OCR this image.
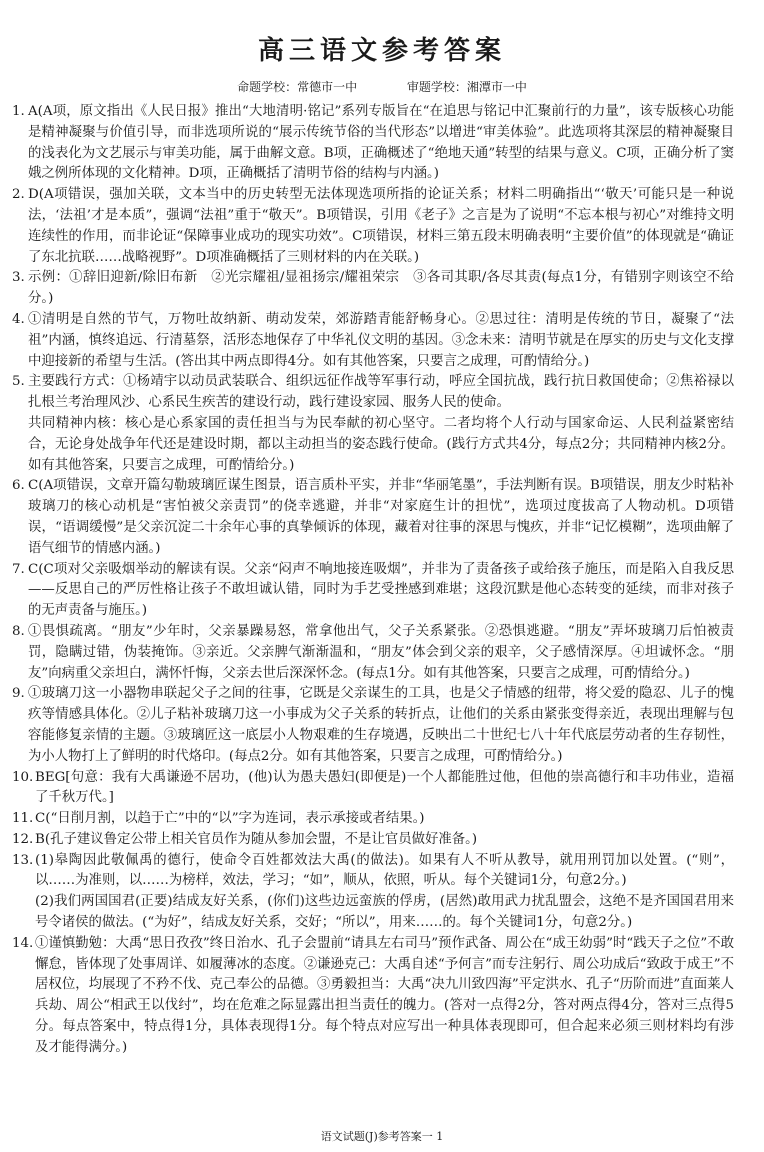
高三语文参考答案

命题学校：常德市一中	审题学校：湘潭市一中

1. A(A项，原文指出《人民日报》推出“大地清明·铭记”系列专版旨在“在追思与铭记中汇聚前行的力量”，该专版核心功能是精神凝聚与价值引导，而非选项所说的“展示传统节俗的当代形态”以增进“审美体验”。此选项将其深层的精神凝聚目的浅表化为文艺展示与审美功能，属于曲解文意。B项，正确概述了“绝地天通”转型的结果与意义。C项，正确分析了窦娥之例所体现的文化精神。D项，正确概括了清明节俗的结构与内涵。)
2. D(A项错误，强加关联，文本当中的历史转型无法体现选项所指的论证关系；材料二明确指出“‘敬天’可能只是一种说法，‘法祖’才是本质”，强调“法祖”重于“敬天”。B项错误，引用《老子》之言是为了说明“不忘本根与初心”对维持文明连续性的作用，而非论证“保障事业成功的现实功效”。C项错误，材料三第五段末明确表明“主要价值”的体现就是“确证了东北抗联……战略视野”。D项准确概括了三则材料的内在关联。)
3. 示例：①辞旧迎新/除旧布新　②光宗耀祖/显祖扬宗/耀祖荣宗　③各司其职/各尽其责(每点1分，有错别字则该空不给分。)
4. ①清明是自然的节气，万物吐故纳新、萌动发荣，郊游踏青能舒畅身心。②思过往：清明是传统的节日，凝聚了“法祖”内涵，慎终追远、行清墓祭，活形态地保存了中华礼仪文明的基因。③念未来：清明节就是在厚实的历史与文化支撑中迎接新的希望与生活。(答出其中两点即得4分。如有其他答案，只要言之成理，可酌情给分。)
5. 主要践行方式：①杨靖宇以动员武装联合、组织远征作战等军事行动，呼应全国抗战，践行抗日救国使命；②焦裕禄以扎根兰考治理风沙、心系民生疾苦的建设行动，践行建设家园、服务人民的使命。
共同精神内核：核心是心系家国的责任担当与为民奉献的初心坚守。二者均将个人行动与国家命运、人民利益紧密结合，无论身处战争年代还是建设时期，都以主动担当的姿态践行使命。(践行方式共4分，每点2分；共同精神内核2分。如有其他答案，只要言之成理，可酌情给分。)
6. C(A项错误，文章开篇勾勒玻璃匠谋生图景，语言质朴平实，并非“华丽笔墨”，手法判断有误。B项错误，朋友少时粘补玻璃刀的核心动机是“害怕被父亲责罚”的侥幸逃避，并非“对家庭生计的担忧”，选项过度拔高了人物动机。D项错误，“语调缓慢”是父亲沉淀二十余年心事的真挚倾诉的体现，藏着对往事的深思与愧疚，并非“记忆模糊”，选项曲解了语气细节的情感内涵。)
7. C(C项对父亲吸烟举动的解读有误。父亲“闷声不响地接连吸烟”，并非为了责备孩子或给孩子施压，而是陷入自我反思——反思自己的严厉性格让孩子不敢坦诚认错，同时为手艺受挫感到难堪；这段沉默是他心态转变的延续，而非对孩子的无声责备与施压。)
8. ①畏惧疏离。“朋友”少年时，父亲暴躁易怒，常拿他出气，父子关系紧张。②恐惧逃避。“朋友”弄坏玻璃刀后怕被责罚，隐瞒过错，伪装掩饰。③亲近。父亲脾气渐渐温和，“朋友”体会到父亲的艰辛，父子感情深厚。④坦诚怀念。“朋友”向病重父亲坦白，满怀忏悔，父亲去世后深深怀念。(每点1分。如有其他答案，只要言之成理，可酌情给分。)
9. ①玻璃刀这一小器物串联起父子之间的往事，它既是父亲谋生的工具，也是父子情感的纽带，将父爱的隐忍、儿子的愧疚等情感具体化。②儿子粘补玻璃刀这一小事成为父子关系的转折点，让他们的关系由紧张变得亲近，表现出理解与包容能修复亲情的主题。③玻璃匠这一底层小人物艰难的生存境遇，反映出二十世纪七八十年代底层劳动者的生存韧性，为小人物打上了鲜明的时代烙印。(每点2分。如有其他答案，只要言之成理，可酌情给分。)
10. BEG[句意：我有大禹谦逊不居功，(他)认为愚夫愚妇(即便是)一个人都能胜过他，但他的崇高德行和丰功伟业，造福了千秋万代。]
11. C(“日削月割，以趋于亡”中的“以”字为连词，表示承接或者结果。)
12. B(孔子建议鲁定公带上相关官员作为随从参加会盟，不是让官员做好准备。)
13. (1)皋陶因此敬佩禹的德行，使命令百姓都效法大禹(的做法)。如果有人不听从教导，就用刑罚加以处置。(“则”，以……为准则，以……为榜样，效法，学习；“如”，顺从，依照，听从。每个关键词1分，句意2分。)
(2)我们两国国君(正要)结成友好关系，(你们)这些边远蛮族的俘虏，(居然)敢用武力扰乱盟会，这绝不是齐国国君用来号令诸侯的做法。(“为好”，结成友好关系，交好；“所以”，用来……的。每个关键词1分，句意2分。)
14. ①谨慎勤勉：大禹“思日孜孜”终日治水、孔子会盟前“请具左右司马”预作武备、周公在“成王幼弱”时“践天子之位”不敢懈怠，皆体现了处事周详、如履薄冰的态度。②谦逊克己：大禹自述“予何言”而专注躬行、周公功成后“致政于成王”不居权位，均展现了不矜不伐、克己奉公的品德。③勇毅担当：大禹“决九川致四海”平定洪水、孔子“历阶而进”直面莱人兵劫、周公“相武王以伐纣”，均在危难之际显露出担当责任的魄力。(答对一点得2分，答对两点得4分，答对三点得5分。每点答案中，特点得1分，具体表现得1分。每个特点对应写出一种具体表现即可，但合起来必须三则材料均有涉及才能得满分。)

语文试题(J)参考答案一 1
